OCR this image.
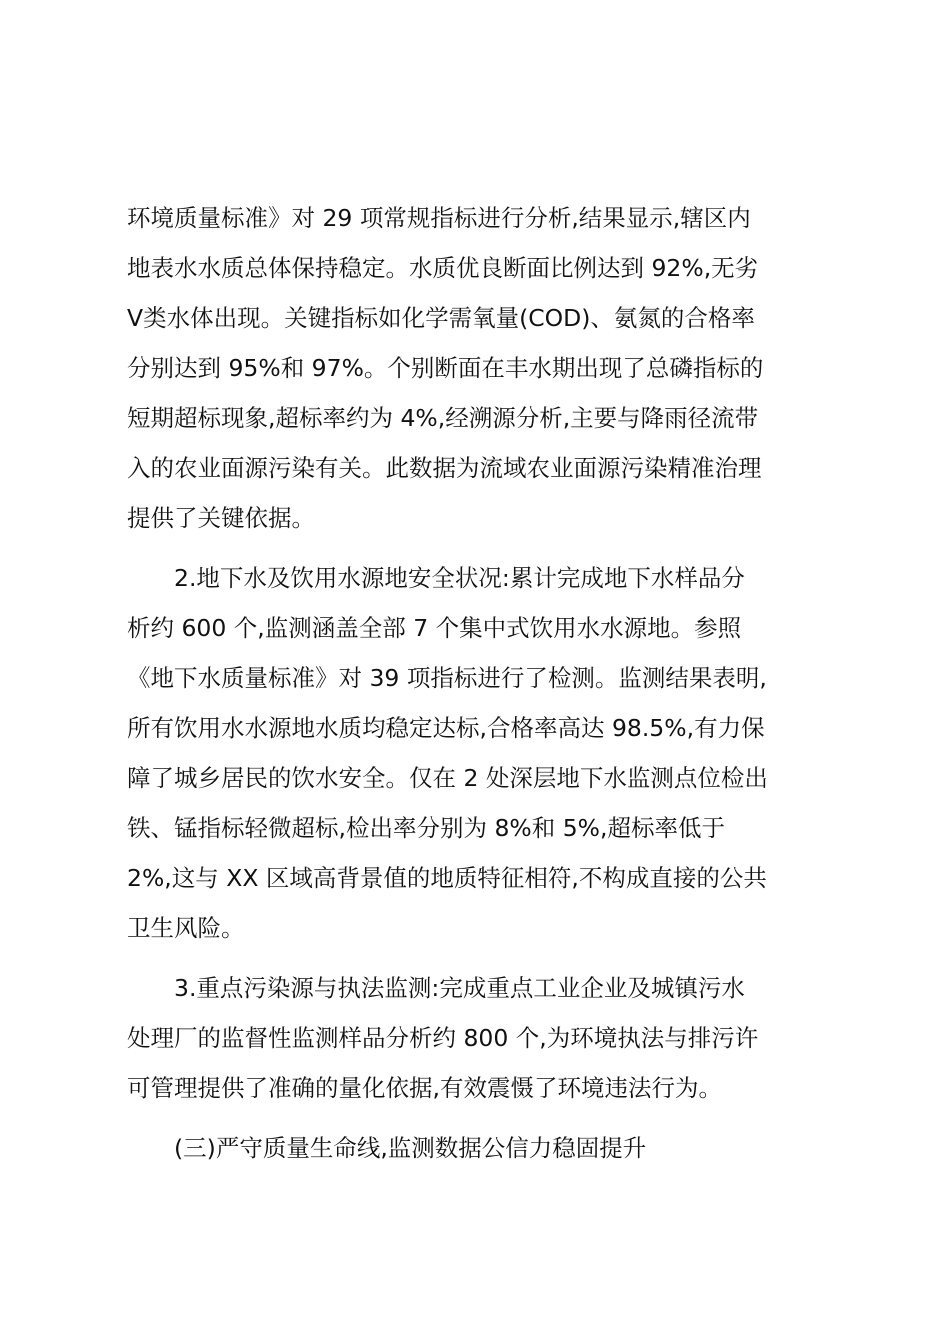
环境质量标准》对 29 项常规指标进行分析,结果显示,辖区内
地表水水质总体保持稳定。水质优良断面比例达到 92%,无劣
Ⅴ类水体出现。关键指标如化学需氧量(COD)、氨氮的合格率
分别达到 95%和 97%。个别断面在丰水期出现了总磷指标的
短期超标现象,超标率约为 4%,经溯源分析,主要与降雨径流带
入的农业面源污染有关。此数据为流域农业面源污染精准治理
提供了关键依据。
　　2.地下水及饮用水源地安全状况:累计完成地下水样品分
析约 600 个,监测涵盖全部 7 个集中式饮用水水源地。参照
《地下水质量标准》对 39 项指标进行了检测。监测结果表明,
所有饮用水水源地水质均稳定达标,合格率高达 98.5%,有力保
障了城乡居民的饮水安全。仅在 2 处深层地下水监测点位检出
铁、锰指标轻微超标,检出率分别为 8%和 5%,超标率低于
2%,这与 XX 区域高背景值的地质特征相符,不构成直接的公共
卫生风险。
　　3.重点污染源与执法监测:完成重点工业企业及城镇污水
处理厂的监督性监测样品分析约 800 个,为环境执法与排污许
可管理提供了准确的量化依据,有效震慑了环境违法行为。
　　(三)严守质量生命线,监测数据公信力稳固提升
